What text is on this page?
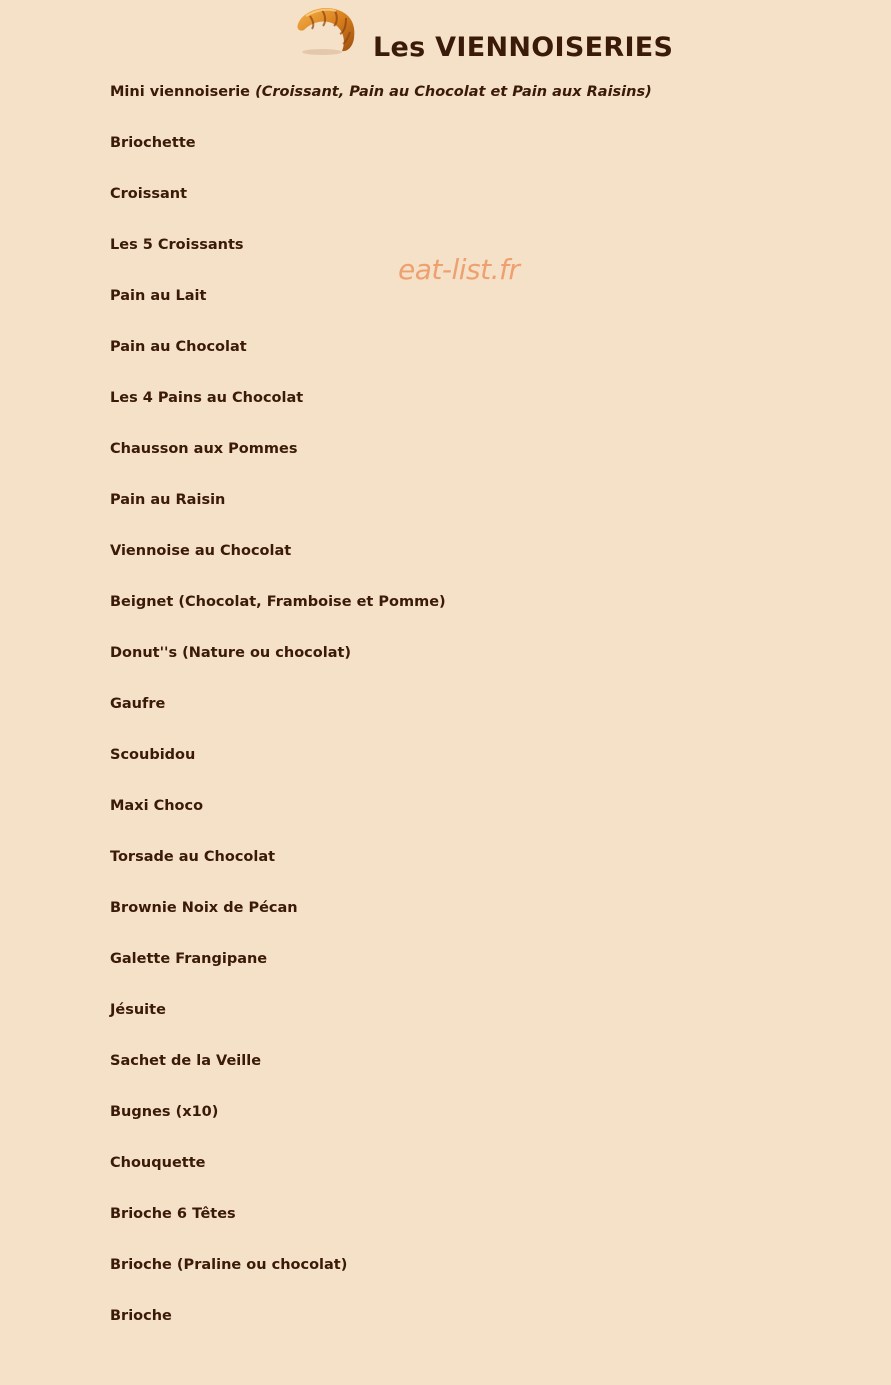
Les VIENNOISERIES
eat-list.fr
Mini viennoiserie (Croissant, Pain au Chocolat et Pain aux Raisins)
Briochette
Croissant
Les 5 Croissants
Pain au Lait
Pain au Chocolat
Les 4 Pains au Chocolat
Chausson aux Pommes
Pain au Raisin
Viennoise au Chocolat
Beignet (Chocolat, Framboise et Pomme)
Donut''s (Nature ou chocolat)
Gaufre
Scoubidou
Maxi Choco
Torsade au Chocolat
Brownie Noix de Pécan
Galette Frangipane
Jésuite
Sachet de la Veille
Bugnes (x10)
Chouquette
Brioche 6 Têtes
Brioche (Praline ou chocolat)
Brioche
